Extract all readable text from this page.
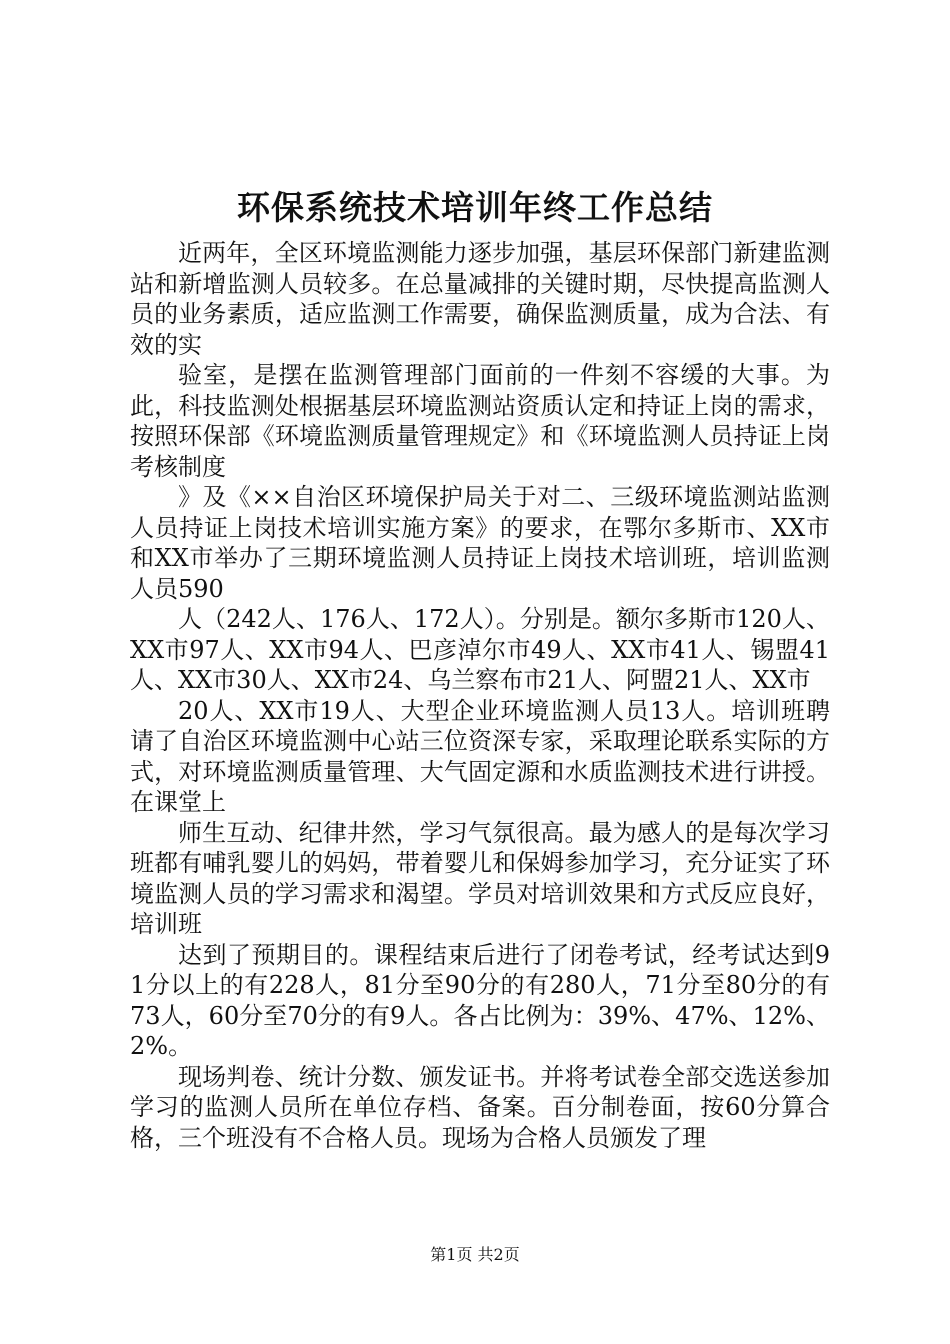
环保系统技术培训年终工作总结

近两年，全区环境监测能力逐步加强，基层环保部门新建监测站和新增监测人员较多。在总量减排的关键时期，尽快提高监测人员的业务素质，适应监测工作需要，确保监测质量，成为合法、有效的实

验室，是摆在监测管理部门面前的一件刻不容缓的大事。为此，科技监测处根据基层环境监测站资质认定和持证上岗的需求，按照环保部《环境监测质量管理规定》和《环境监测人员持证上岗考核制度

》及《××自治区环境保护局关于对二、三级环境监测站监测人员持证上岗技术培训实施方案》的要求，在鄂尔多斯市、XX市和XX市举办了三期环境监测人员持证上岗技术培训班，培训监测人员590

人（242人、176人、172人）。分别是。额尔多斯市120人、XX市97人、XX市94人、巴彦淖尔市49人、XX市41人、锡盟41人、XX市30人、XX市24、乌兰察布市21人、阿盟21人、XX市

20人、XX市19人、大型企业环境监测人员13人。培训班聘请了自治区环境监测中心站三位资深专家，采取理论联系实际的方式，对环境监测质量管理、大气固定源和水质监测技术进行讲授。在课堂上

师生互动、纪律井然，学习气氛很高。最为感人的是每次学习班都有哺乳婴儿的妈妈，带着婴儿和保姆参加学习，充分证实了环境监测人员的学习需求和渴望。学员对培训效果和方式反应良好，培训班

达到了预期目的。课程结束后进行了闭卷考试，经考试达到91分以上的有228人，81分至90分的有280人，71分至80分的有73人，60分至70分的有9人。各占比例为：39%、47%、12%、2%。

现场判卷、统计分数、颁发证书。并将考试卷全部交选送参加学习的监测人员所在单位存档、备案。百分制卷面，按60分算合格，三个班没有不合格人员。现场为合格人员颁发了理

第1页 共2页
